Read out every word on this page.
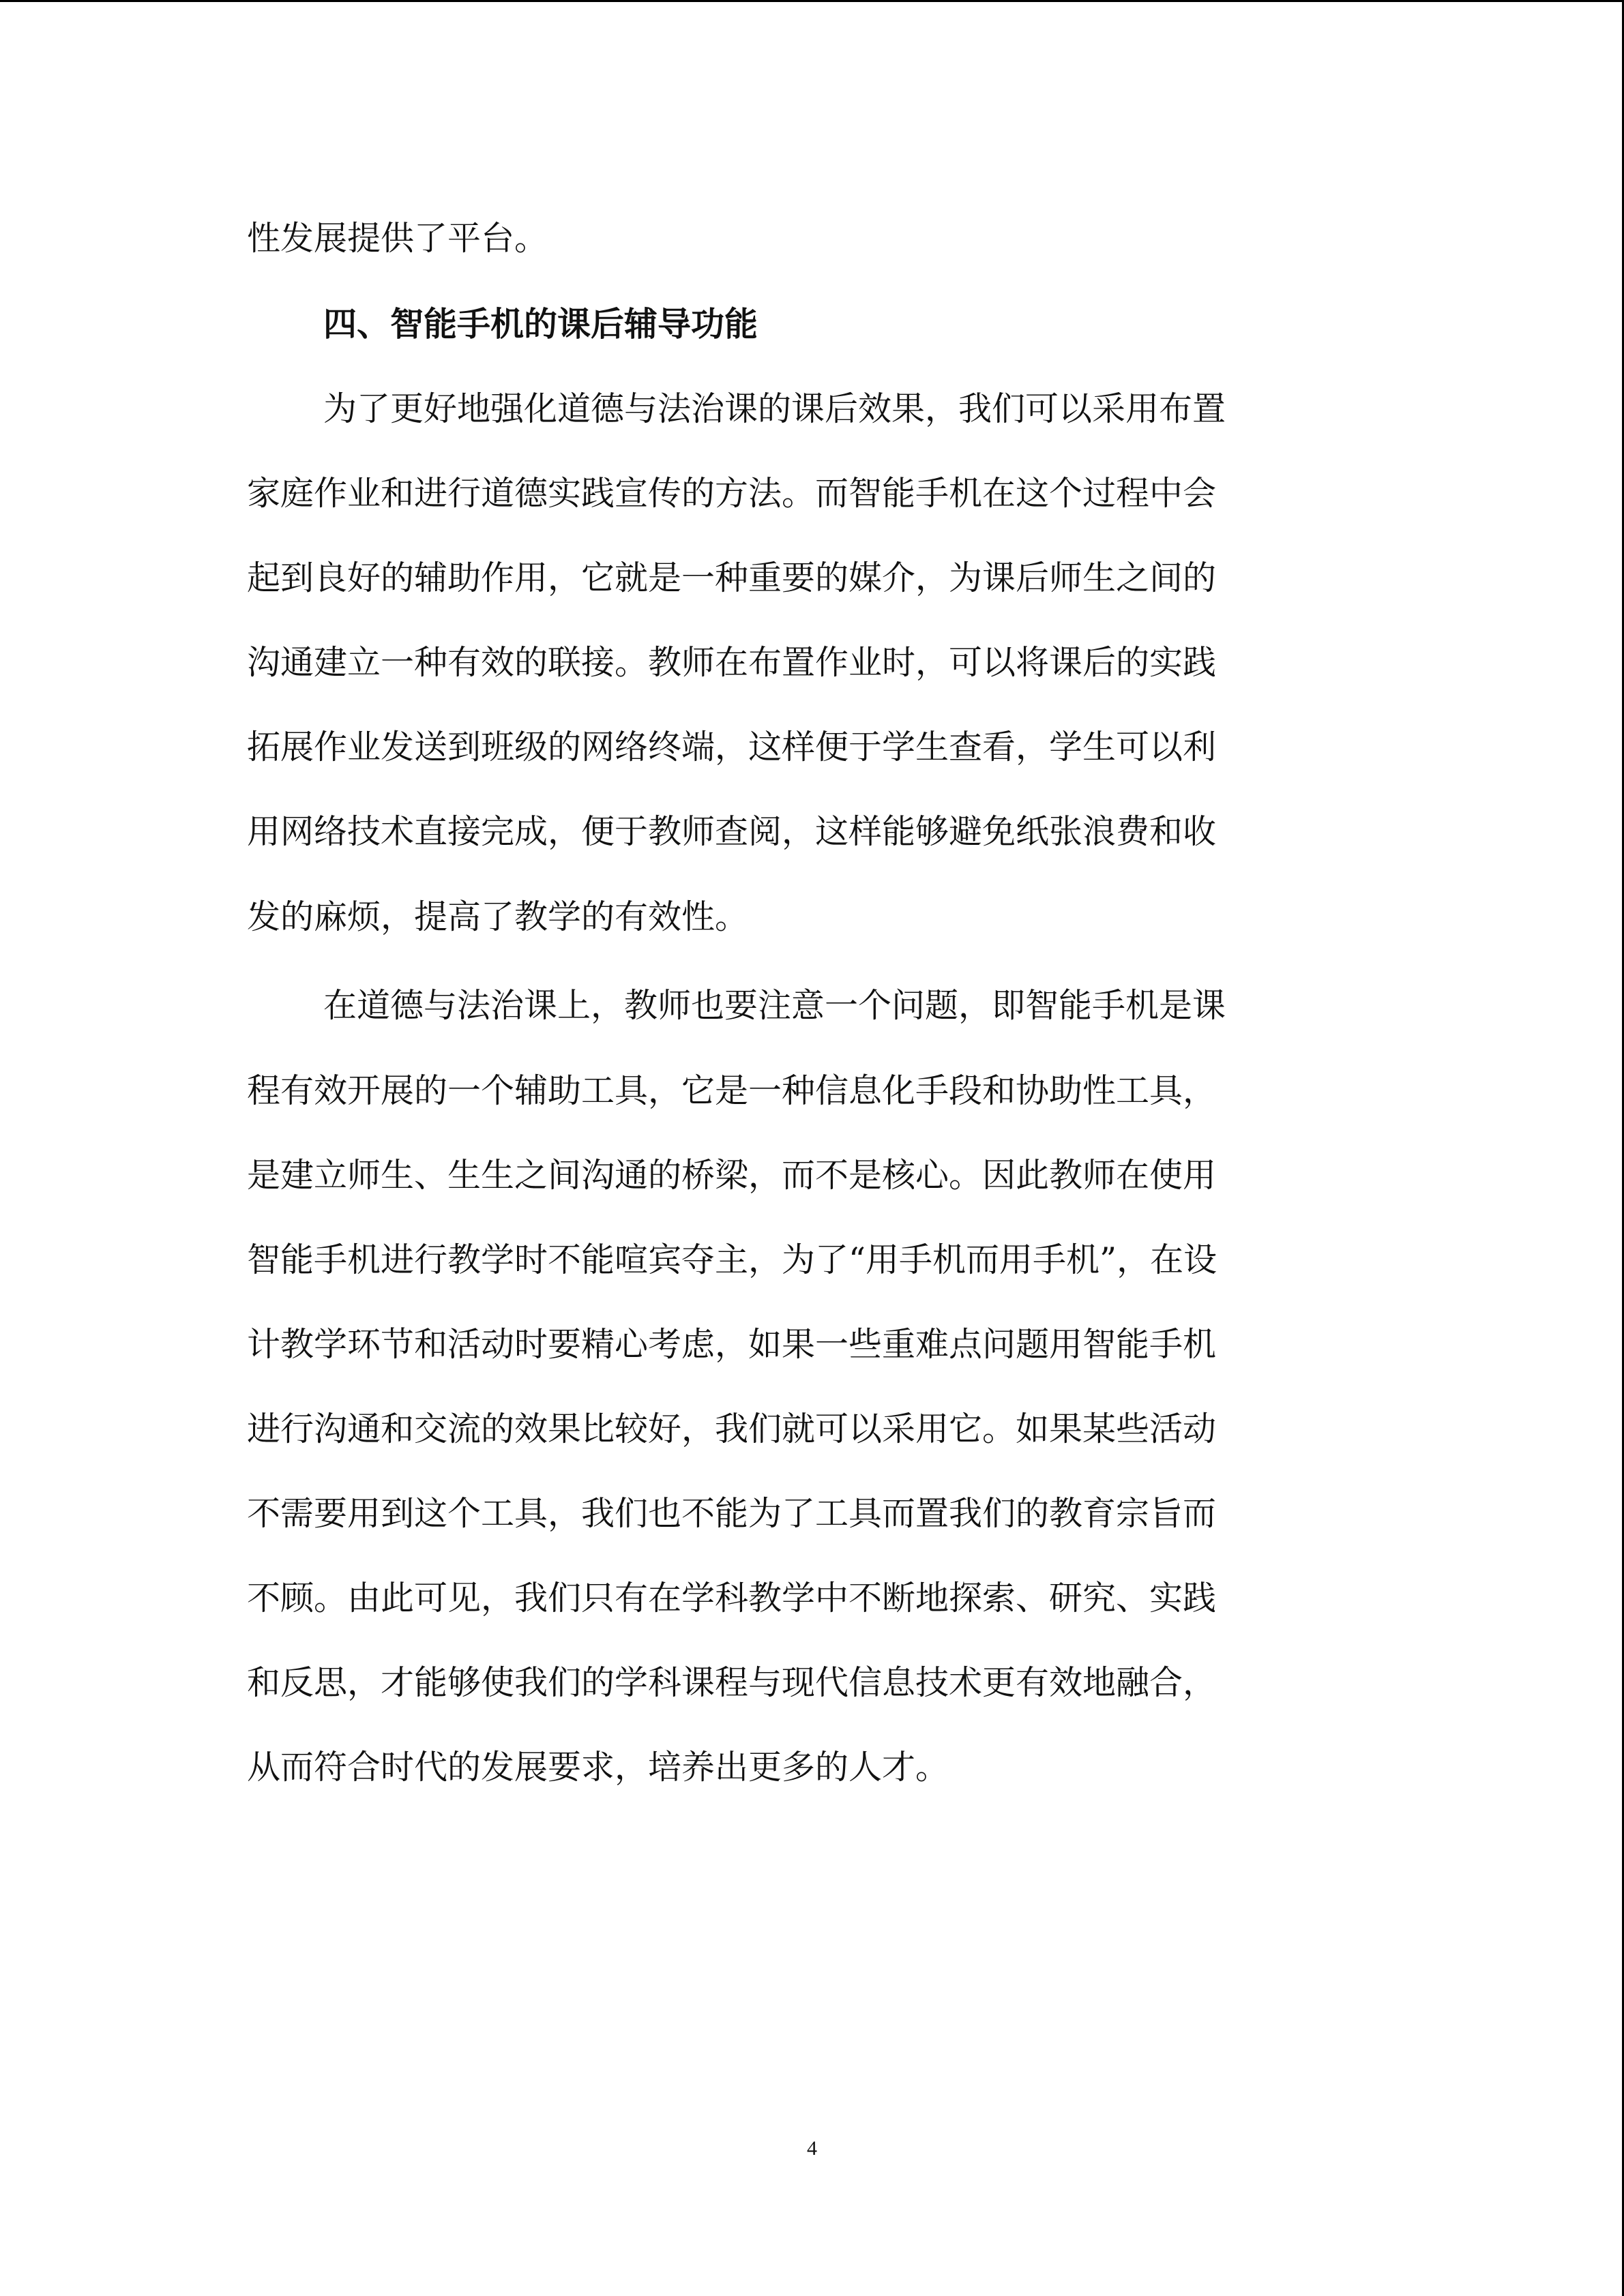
性发展提供了平台。
四、智能手机的课后辅导功能
为了更好地强化道德与法治课的课后效果，我们可以采用布置
家庭作业和进行道德实践宣传的方法。而智能手机在这个过程中会
起到良好的辅助作用，它就是一种重要的媒介，为课后师生之间的
沟通建立一种有效的联接。教师在布置作业时，可以将课后的实践
拓展作业发送到班级的网络终端，这样便于学生查看，学生可以利
用网络技术直接完成，便于教师查阅，这样能够避免纸张浪费和收
发的麻烦，提高了教学的有效性。
在道德与法治课上，教师也要注意一个问题，即智能手机是课
程有效开展的一个辅助工具，它是一种信息化手段和协助性工具，
是建立师生、生生之间沟通的桥梁，而不是核心。因此教师在使用
智能手机进行教学时不能喧宾夺主，为了“用手机而用手机”，在设
计教学环节和活动时要精心考虑，如果一些重难点问题用智能手机
进行沟通和交流的效果比较好，我们就可以采用它。如果某些活动
不需要用到这个工具，我们也不能为了工具而置我们的教育宗旨而
不顾。由此可见，我们只有在学科教学中不断地探索、研究、实践
和反思，才能够使我们的学科课程与现代信息技术更有效地融合，
从而符合时代的发展要求，培养出更多的人才。
4
